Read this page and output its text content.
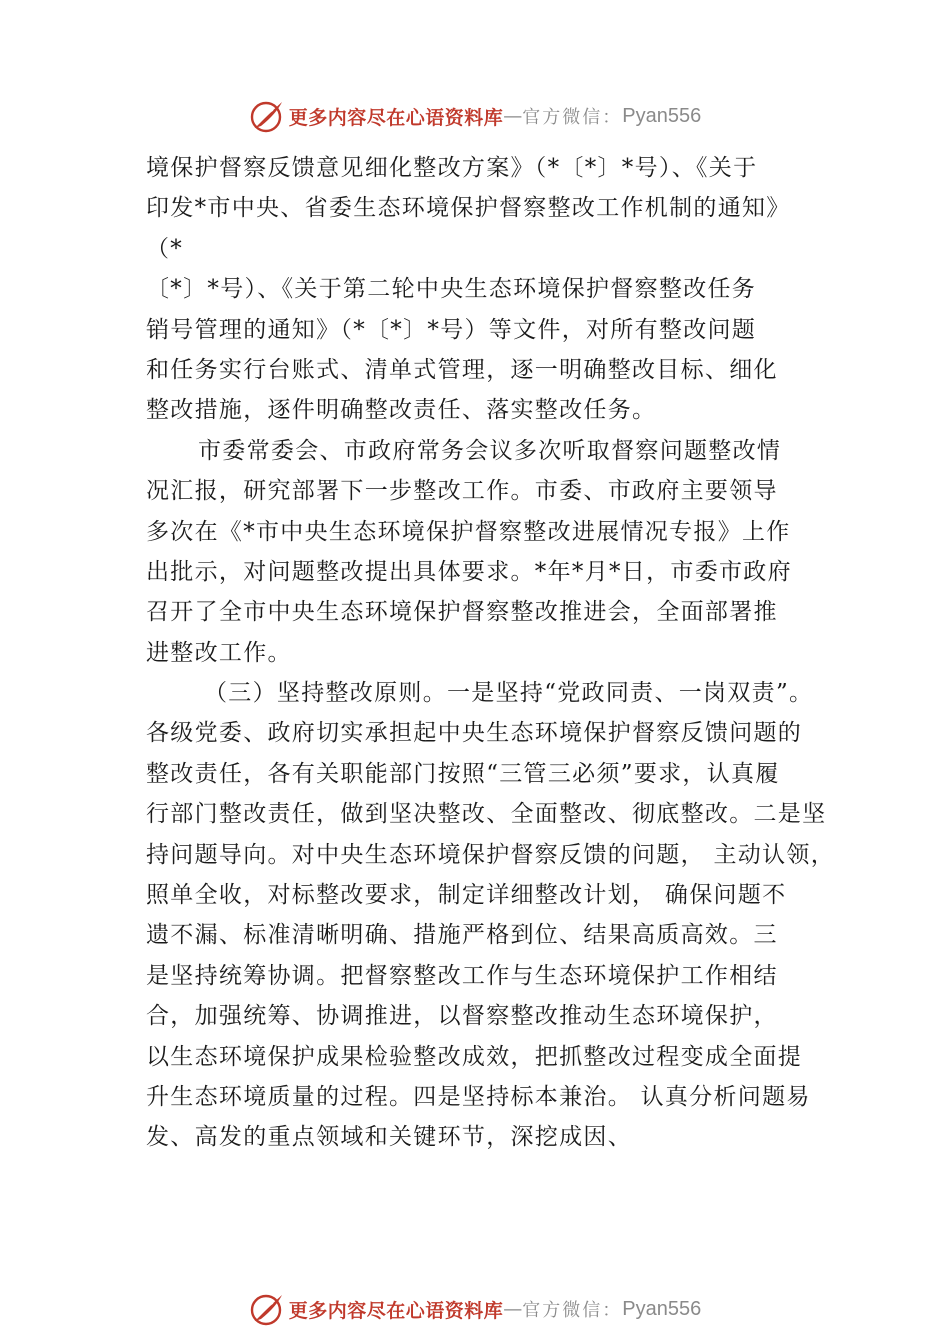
更多内容尽在心语资料库 — 官方微信： Pyan556
境保护督察反馈意见细化整改方案》（*〔*〕*号）、《关于
印发*市中央、省委生态环境保护督察整改工作机制的通知》
（*
〔*〕*号）、《关于第二轮中央生态环境保护督察整改任务
销号管理的通知》（*〔*〕*号）等文件，对所有整改问题
和任务实行台账式、清单式管理，逐一明确整改目标、细化
整改措施，逐件明确整改责任、落实整改任务。
市委常委会、市政府常务会议多次听取督察问题整改情
况汇报，研究部署下一步整改工作。市委、市政府主要领导
多次在《*市中央生态环境保护督察整改进展情况专报》上作
出批示，对问题整改提出具体要求。*年*月*日，市委市政府
召开了全市中央生态环境保护督察整改推进会，全面部署推
进整改工作。
（三）坚持整改原则。一是坚持“党政同责、一岗双责”。
各级党委、政府切实承担起中央生态环境保护督察反馈问题的
整改责任，各有关职能部门按照“三管三必须”要求，认真履
行部门整改责任，做到坚决整改、全面整改、彻底整改。二是坚
持问题导向。对中央生态环境保护督察反馈的问题， 主动认领，
照单全收，对标整改要求，制定详细整改计划， 确保问题不
遗不漏、标准清晰明确、措施严格到位、结果高质高效。三
是坚持统筹协调。把督察整改工作与生态环境保护工作相结
合，加强统筹、协调推进，以督察整改推动生态环境保护，
以生态环境保护成果检验整改成效，把抓整改过程变成全面提
升生态环境质量的过程。四是坚持标本兼治。 认真分析问题易
发、高发的重点领域和关键环节，深挖成因、
更多内容尽在心语资料库 — 官方微信： Pyan556
